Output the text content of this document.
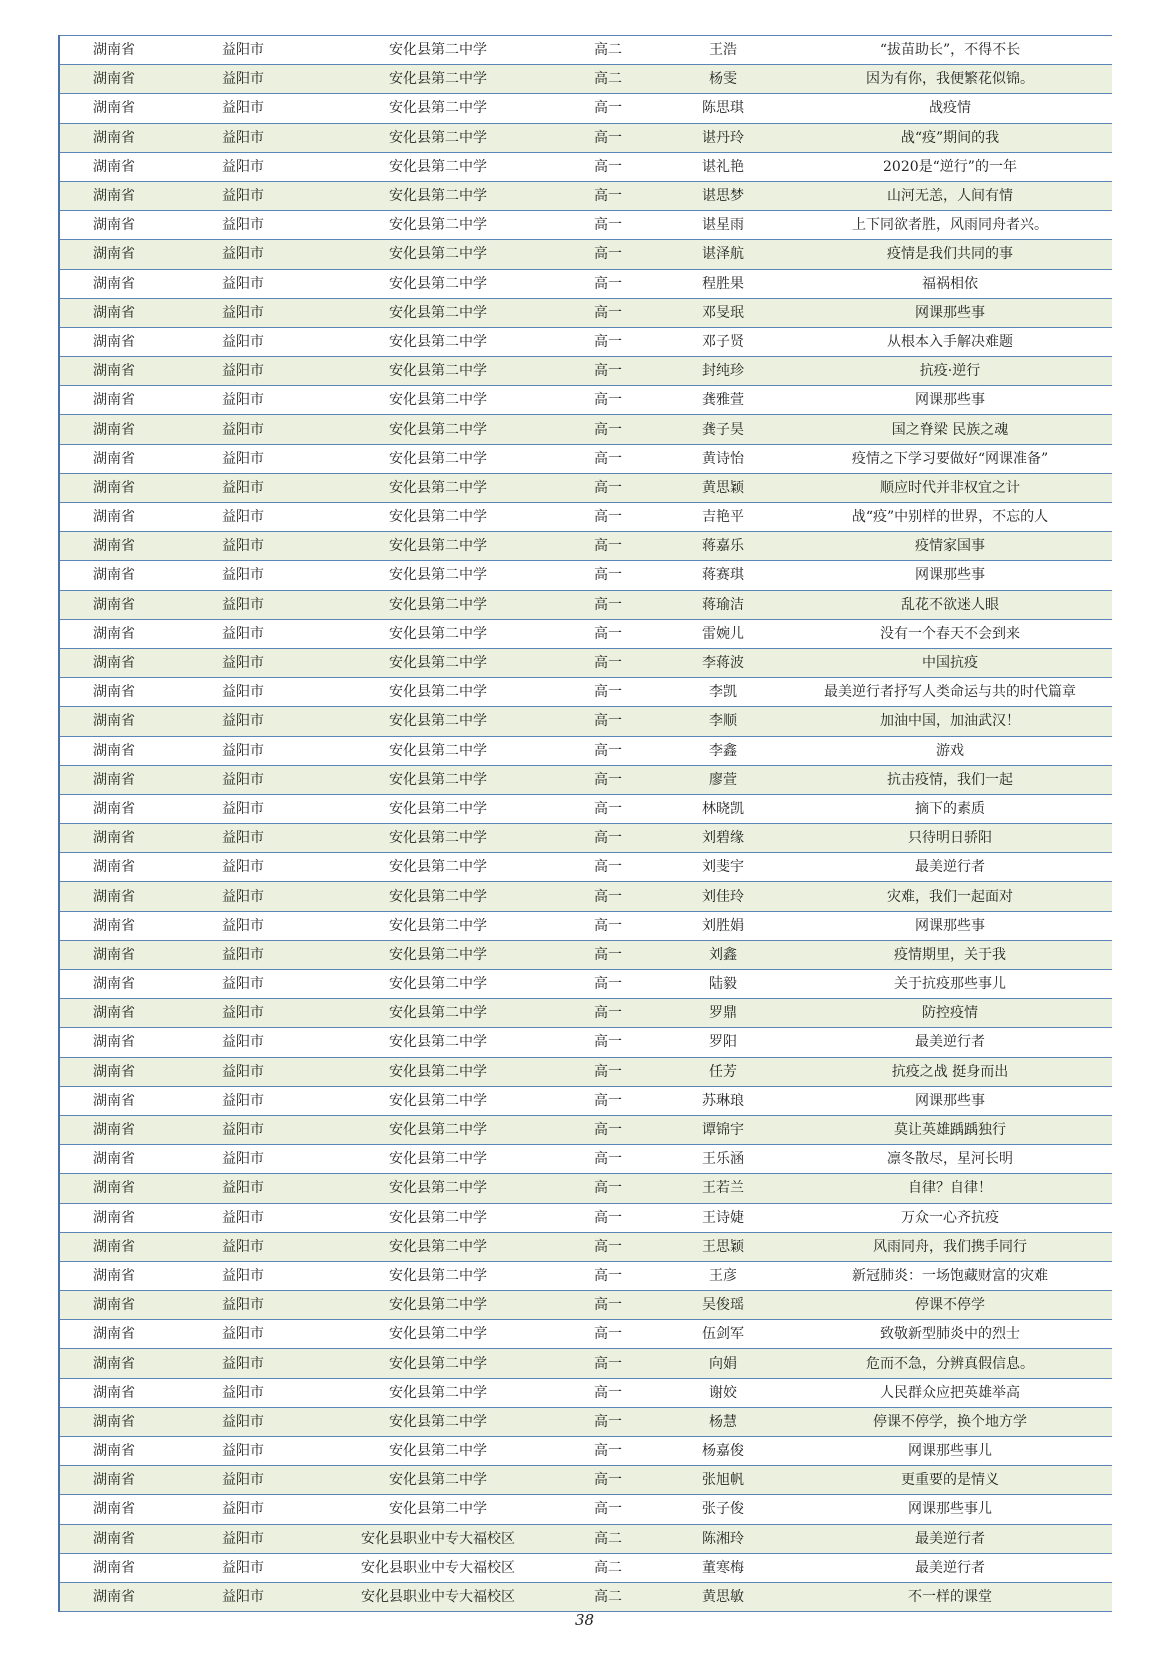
湖南省	益阳市	安化县第二中学	高二	王浩	“拔苗助长”，不得不长
湖南省	益阳市	安化县第二中学	高二	杨雯	因为有你，我便繁花似锦。
湖南省	益阳市	安化县第二中学	高一	陈思琪	战疫情
湖南省	益阳市	安化县第二中学	高一	谌丹玲	战“疫”期间的我
湖南省	益阳市	安化县第二中学	高一	谌礼艳	2020是“逆行”的一年
湖南省	益阳市	安化县第二中学	高一	谌思梦	山河无恙，人间有情
湖南省	益阳市	安化县第二中学	高一	谌星雨	上下同欲者胜，风雨同舟者兴。
湖南省	益阳市	安化县第二中学	高一	谌泽航	疫情是我们共同的事
湖南省	益阳市	安化县第二中学	高一	程胜果	福祸相依
湖南省	益阳市	安化县第二中学	高一	邓旻珉	网课那些事
湖南省	益阳市	安化县第二中学	高一	邓子贤	从根本入手解决难题
湖南省	益阳市	安化县第二中学	高一	封纯珍	抗疫·逆行
湖南省	益阳市	安化县第二中学	高一	龚雅萱	网课那些事
湖南省	益阳市	安化县第二中学	高一	龚子昊	国之脊梁 民族之魂
湖南省	益阳市	安化县第二中学	高一	黄诗怡	疫情之下学习要做好“网课准备”
湖南省	益阳市	安化县第二中学	高一	黄思颖	顺应时代并非权宜之计
湖南省	益阳市	安化县第二中学	高一	吉艳平	战“疫”中别样的世界，不忘的人
湖南省	益阳市	安化县第二中学	高一	蒋嘉乐	疫情家国事
湖南省	益阳市	安化县第二中学	高一	蒋赛琪	网课那些事
湖南省	益阳市	安化县第二中学	高一	蒋瑜洁	乱花不欲迷人眼
湖南省	益阳市	安化县第二中学	高一	雷婉儿	没有一个春天不会到来
湖南省	益阳市	安化县第二中学	高一	李蒋波	中国抗疫
湖南省	益阳市	安化县第二中学	高一	李凯	最美逆行者抒写人类命运与共的时代篇章
湖南省	益阳市	安化县第二中学	高一	李顺	加油中国，加油武汉！
湖南省	益阳市	安化县第二中学	高一	李鑫	游戏
湖南省	益阳市	安化县第二中学	高一	廖萱	抗击疫情，我们一起
湖南省	益阳市	安化县第二中学	高一	林晓凯	摘下的素质
湖南省	益阳市	安化县第二中学	高一	刘碧缘	只待明日骄阳
湖南省	益阳市	安化县第二中学	高一	刘斐宇	最美逆行者
湖南省	益阳市	安化县第二中学	高一	刘佳玲	灾难，我们一起面对
湖南省	益阳市	安化县第二中学	高一	刘胜娟	网课那些事
湖南省	益阳市	安化县第二中学	高一	刘鑫	疫情期里，关于我
湖南省	益阳市	安化县第二中学	高一	陆毅	关于抗疫那些事儿
湖南省	益阳市	安化县第二中学	高一	罗鼎	防控疫情
湖南省	益阳市	安化县第二中学	高一	罗阳	最美逆行者
湖南省	益阳市	安化县第二中学	高一	任芳	抗疫之战 挺身而出
湖南省	益阳市	安化县第二中学	高一	苏琳琅	网课那些事
湖南省	益阳市	安化县第二中学	高一	谭锦宇	莫让英雄踽踽独行
湖南省	益阳市	安化县第二中学	高一	王乐涵	凛冬散尽，星河长明
湖南省	益阳市	安化县第二中学	高一	王若兰	自律？自律！
湖南省	益阳市	安化县第二中学	高一	王诗婕	万众一心齐抗疫
湖南省	益阳市	安化县第二中学	高一	王思颖	风雨同舟，我们携手同行
湖南省	益阳市	安化县第二中学	高一	王彦	新冠肺炎：一场饱藏财富的灾难
湖南省	益阳市	安化县第二中学	高一	吴俊瑶	停课不停学
湖南省	益阳市	安化县第二中学	高一	伍剑军	致敬新型肺炎中的烈士
湖南省	益阳市	安化县第二中学	高一	向娟	危而不急，分辨真假信息。
湖南省	益阳市	安化县第二中学	高一	谢姣	人民群众应把英雄举高
湖南省	益阳市	安化县第二中学	高一	杨慧	停课不停学，换个地方学
湖南省	益阳市	安化县第二中学	高一	杨嘉俊	网课那些事儿
湖南省	益阳市	安化县第二中学	高一	张旭帆	更重要的是情义
湖南省	益阳市	安化县第二中学	高一	张子俊	网课那些事儿
湖南省	益阳市	安化县职业中专大福校区	高二	陈湘玲	最美逆行者
湖南省	益阳市	安化县职业中专大福校区	高二	董寒梅	最美逆行者
湖南省	益阳市	安化县职业中专大福校区	高二	黄思敏	不一样的课堂
38
